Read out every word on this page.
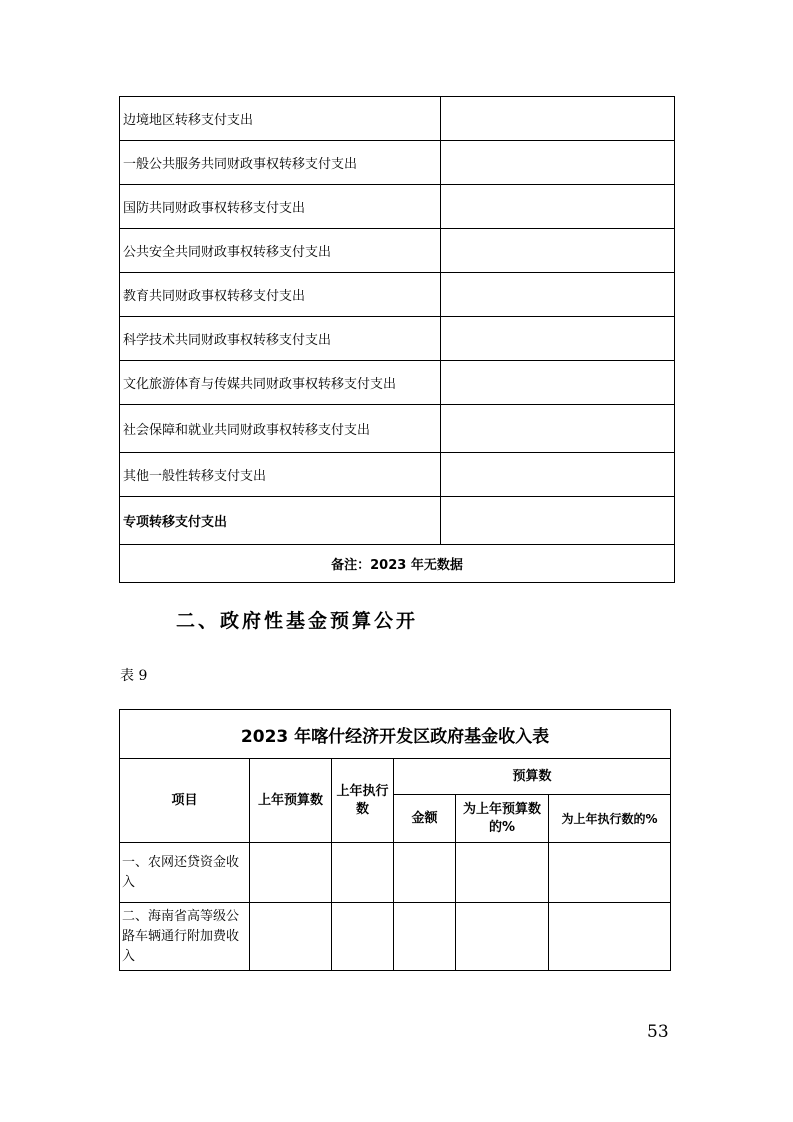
边境地区转移支付支出	
一般公共服务共同财政事权转移支付支出	
国防共同财政事权转移支付支出	
公共安全共同财政事权转移支付支出	
教育共同财政事权转移支付支出	
科学技术共同财政事权转移支付支出	
文化旅游体育与传媒共同财政事权转移支付支出	
社会保障和就业共同财政事权转移支付支出	
其他一般性转移支付支出	
专项转移支付支出	
备注：2023 年无数据	
二、政府性基金预算公开
表 9
2023 年喀什经济开发区政府基金收入表					
项目	上年预算数	上年执行数	预算数		
			金额	为上年预算数的%	为上年执行数的%
一、农网还贷资金收入					
二、海南省高等级公路车辆通行附加费收入					
53
